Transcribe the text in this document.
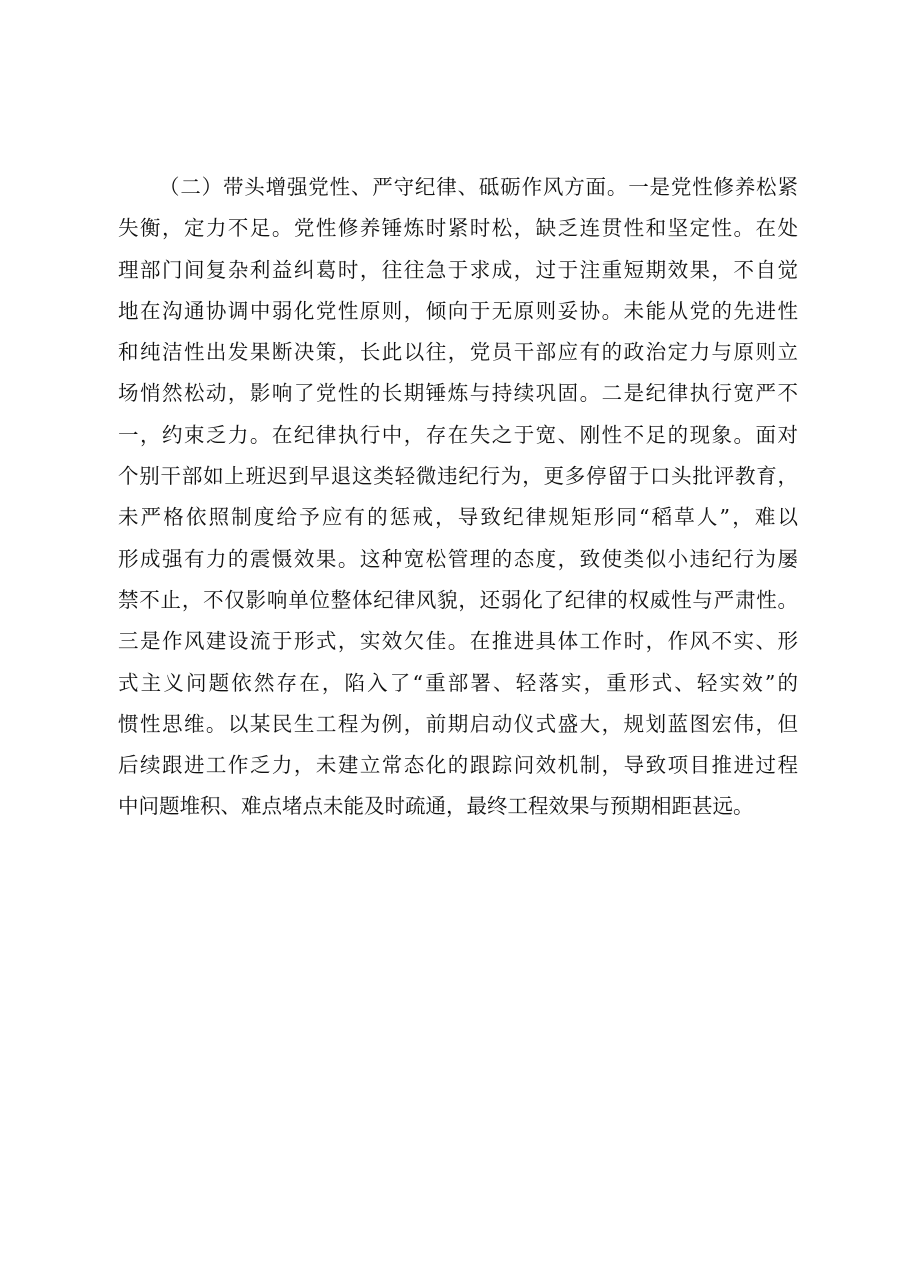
（二）带头增强党性、严守纪律、砥砺作风方面。一是党性修养松紧
失衡，定力不足。党性修养锤炼时紧时松，缺乏连贯性和坚定性。在处
理部门间复杂利益纠葛时，往往急于求成，过于注重短期效果，不自觉
地在沟通协调中弱化党性原则，倾向于无原则妥协。未能从党的先进性
和纯洁性出发果断决策，长此以往，党员干部应有的政治定力与原则立
场悄然松动，影响了党性的长期锤炼与持续巩固。二是纪律执行宽严不
一，约束乏力。在纪律执行中，存在失之于宽、刚性不足的现象。面对
个别干部如上班迟到早退这类轻微违纪行为，更多停留于口头批评教育，
未严格依照制度给予应有的惩戒，导致纪律规矩形同“稻草人”，难以
形成强有力的震慑效果。这种宽松管理的态度，致使类似小违纪行为屡
禁不止，不仅影响单位整体纪律风貌，还弱化了纪律的权威性与严肃性。
三是作风建设流于形式，实效欠佳。在推进具体工作时，作风不实、形
式主义问题依然存在，陷入了“重部署、轻落实，重形式、轻实效”的
惯性思维。以某民生工程为例，前期启动仪式盛大，规划蓝图宏伟，但
后续跟进工作乏力，未建立常态化的跟踪问效机制，导致项目推进过程
中问题堆积、难点堵点未能及时疏通，最终工程效果与预期相距甚远。
